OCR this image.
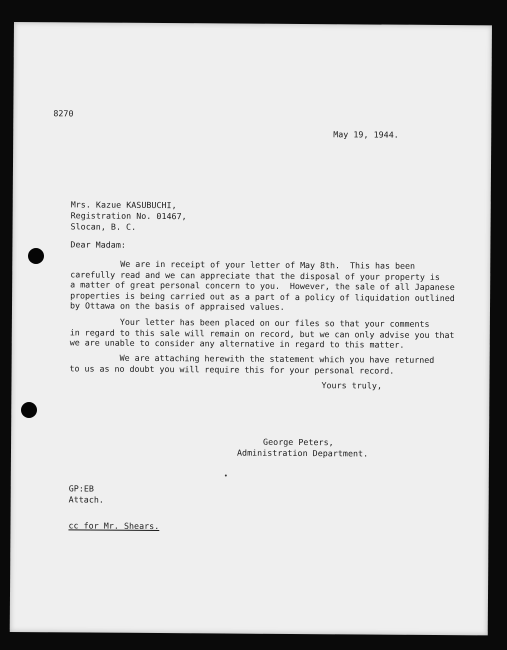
8270
May 19, 1944.
Mrs. Kazue KASUBUCHI,
Registration No. 01467,
Slocan, B. C.
Dear Madam:
We are in receipt of your letter of May 8th.  This has been
carefully read and we can appreciate that the disposal of your property is
a matter of great personal concern to you.  However, the sale of all Japanese
properties is being carried out as a part of a policy of liquidation outlined
by Ottawa on the basis of appraised values.
Your letter has been placed on our files so that your comments
in regard to this sale will remain on record, but we can only advise you that
we are unable to consider any alternative in regard to this matter.
We are attaching herewith the statement which you have returned
to us as no doubt you will require this for your personal record.
Yours truly,
George Peters,
Administration Department.
GP:EB
Attach.
cc for Mr. Shears.
